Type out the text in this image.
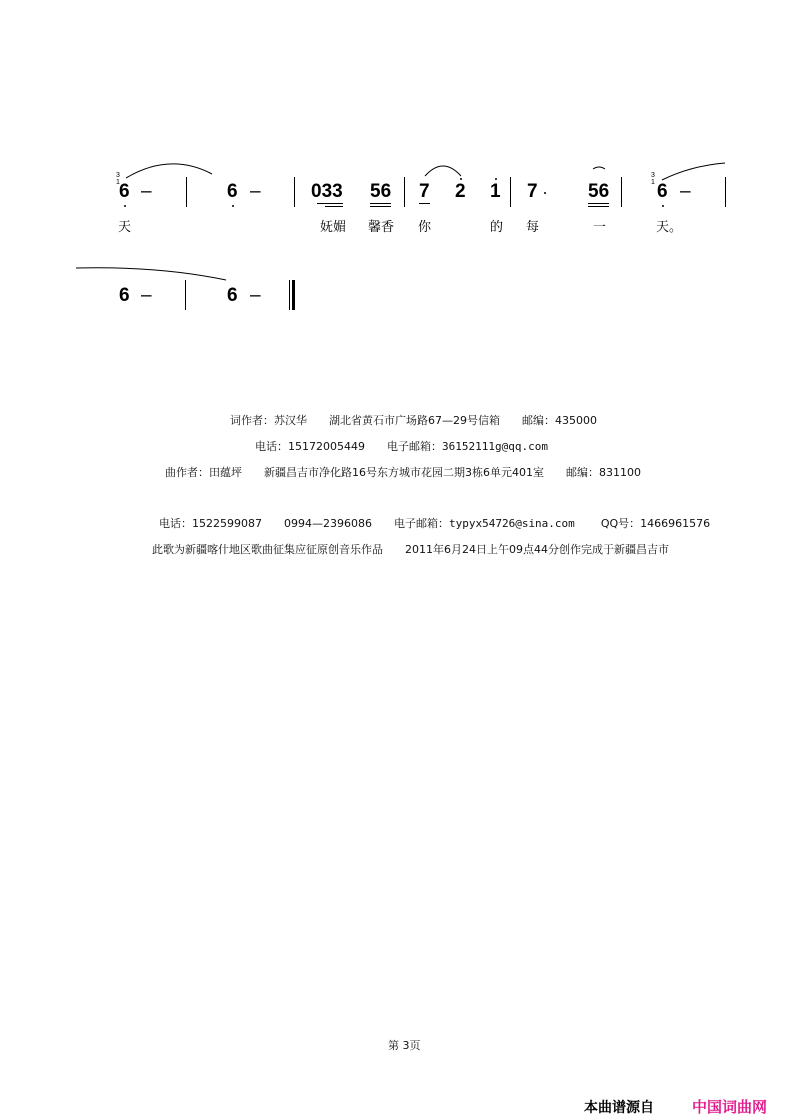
3
1
3
1
6 –	6 –	033 56 7 2 1 7	56	6 –
天	妩媚 馨香 你	的 每	一	天。
6 –	6 –
词作者：苏汉华　　湖北省黄石市广场路67—29号信箱　　邮编：435000
电话：15172005449　　电子邮箱：36152111g@qq.com
曲作者：田蕴坪　　新疆昌吉市净化路16号东方城市花园二期3栋6单元401室　　邮编：831100
电话：1522599087　　0994—2396086　　电子邮箱：typyx54726@sina.com QQ号：1466961576
此歌为新疆喀什地区歌曲征集应征原创音乐作品　　2011年6月24日上午09点44分创作完成于新疆昌吉市
第 3页
本曲谱源自	中国词曲网
